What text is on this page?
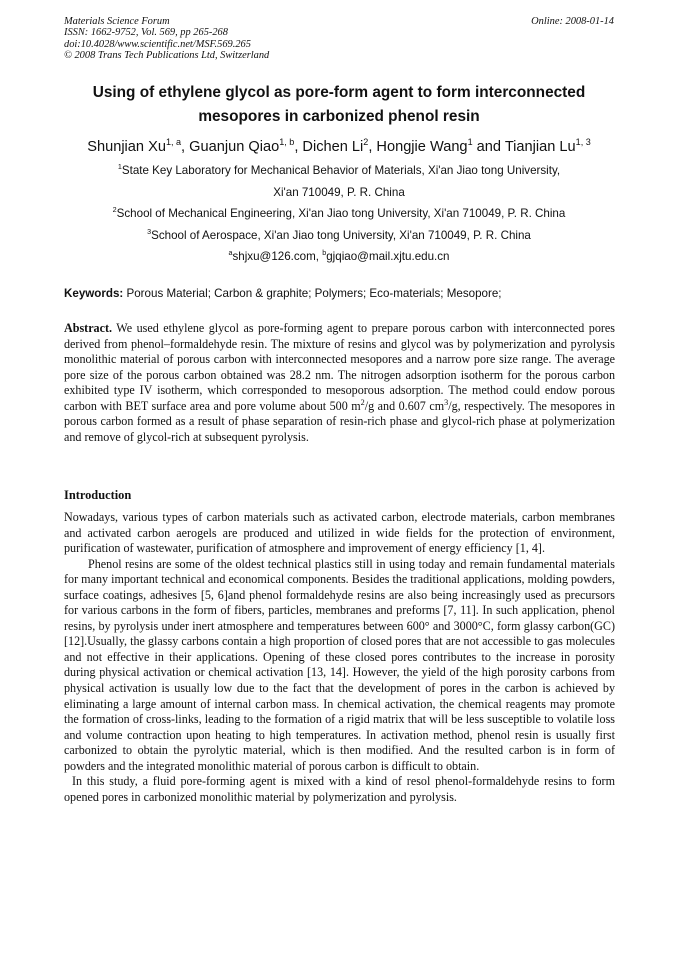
Materials Science Forum
ISSN: 1662-9752, Vol. 569, pp 265-268
doi:10.4028/www.scientific.net/MSF.569.265
© 2008 Trans Tech Publications Ltd, Switzerland
Online: 2008-01-14
Using of ethylene glycol as pore-form agent to form interconnected
mesopores in carbonized phenol resin
Shunjian Xu$^{1, a}$, Guanjun Qiao$^{1, b}$, Dichen Li$^2$, Hongjie Wang$^1$ and Tianjian Lu$^{1, 3}$
$^1$State Key Laboratory for Mechanical Behavior of Materials, Xi'an Jiao tong University,
Xi'an 710049, P. R. China
$^2$School of Mechanical Engineering, Xi'an Jiao tong University, Xi'an 710049, P. R. China
$^3$School of Aerospace, Xi'an Jiao tong University, Xi'an 710049, P. R. China
$^a$shjxu@126.com, $^b$gjqiao@mail.xjtu.edu.cn
Keywords: Porous Material; Carbon & graphite; Polymers; Eco-materials; Mesopore;
Abstract. We used ethylene glycol as pore-forming agent to prepare porous carbon with interconnected pores derived from phenol–formaldehyde resin. The mixture of resins and glycol was by polymerization and pyrolysis monolithic material of porous carbon with interconnected mesopores and a narrow pore size range. The average pore size of the porous carbon obtained was 28.2 nm. The nitrogen adsorption isotherm for the porous carbon exhibited type IV isotherm, which corresponded to mesoporous adsorption. The method could endow porous carbon with BET surface area and pore volume about 500 $m^2/g$ and 0.607 $cm^3/g$, respectively. The mesopores in porous carbon formed as a result of phase separation of resin-rich phase and glycol-rich phase at polymerization and remove of glycol-rich at subsequent pyrolysis.
Introduction
Nowadays, various types of carbon materials such as activated carbon, electrode materials, carbon membranes and activated carbon aerogels are produced and utilized in wide fields for the protection of environment, purification of wastewater, purification of atmosphere and improvement of energy efficiency [1, 4].
Phenol resins are some of the oldest technical plastics still in using today and remain fundamental materials for many important technical and economical components. Besides the traditional applications, molding powders, surface coatings, adhesives [5, 6]and phenol formaldehyde resins are also being increasingly used as precursors for various carbons in the form of fibers, particles, membranes and preforms [7, 11]. In such application, phenol resins, by pyrolysis under inert atmosphere and temperatures between 600° and 3000°C, form glassy carbon(GC)[12].Usually, the glassy carbons contain a high proportion of closed pores that are not accessible to gas molecules and not effective in their applications. Opening of these closed pores contributes to the increase in porosity during physical activation or chemical activation [13, 14]. However, the yield of the high porosity carbons from physical activation is usually low due to the fact that the development of pores in the carbon is achieved by eliminating a large amount of internal carbon mass. In chemical activation, the chemical reagents may promote the formation of cross-links, leading to the formation of a rigid matrix that will be less susceptible to volatile loss and volume contraction upon heating to high temperatures. In activation method, phenol resin is usually first carbonized to obtain the pyrolytic material, which is then modified. And the resulted carbon is in form of powders and the integrated monolithic material of porous carbon is difficult to obtain.
In this study, a fluid pore-forming agent is mixed with a kind of resol phenol-formaldehyde resins to form opened pores in carbonized monolithic material by polymerization and pyrolysis.
